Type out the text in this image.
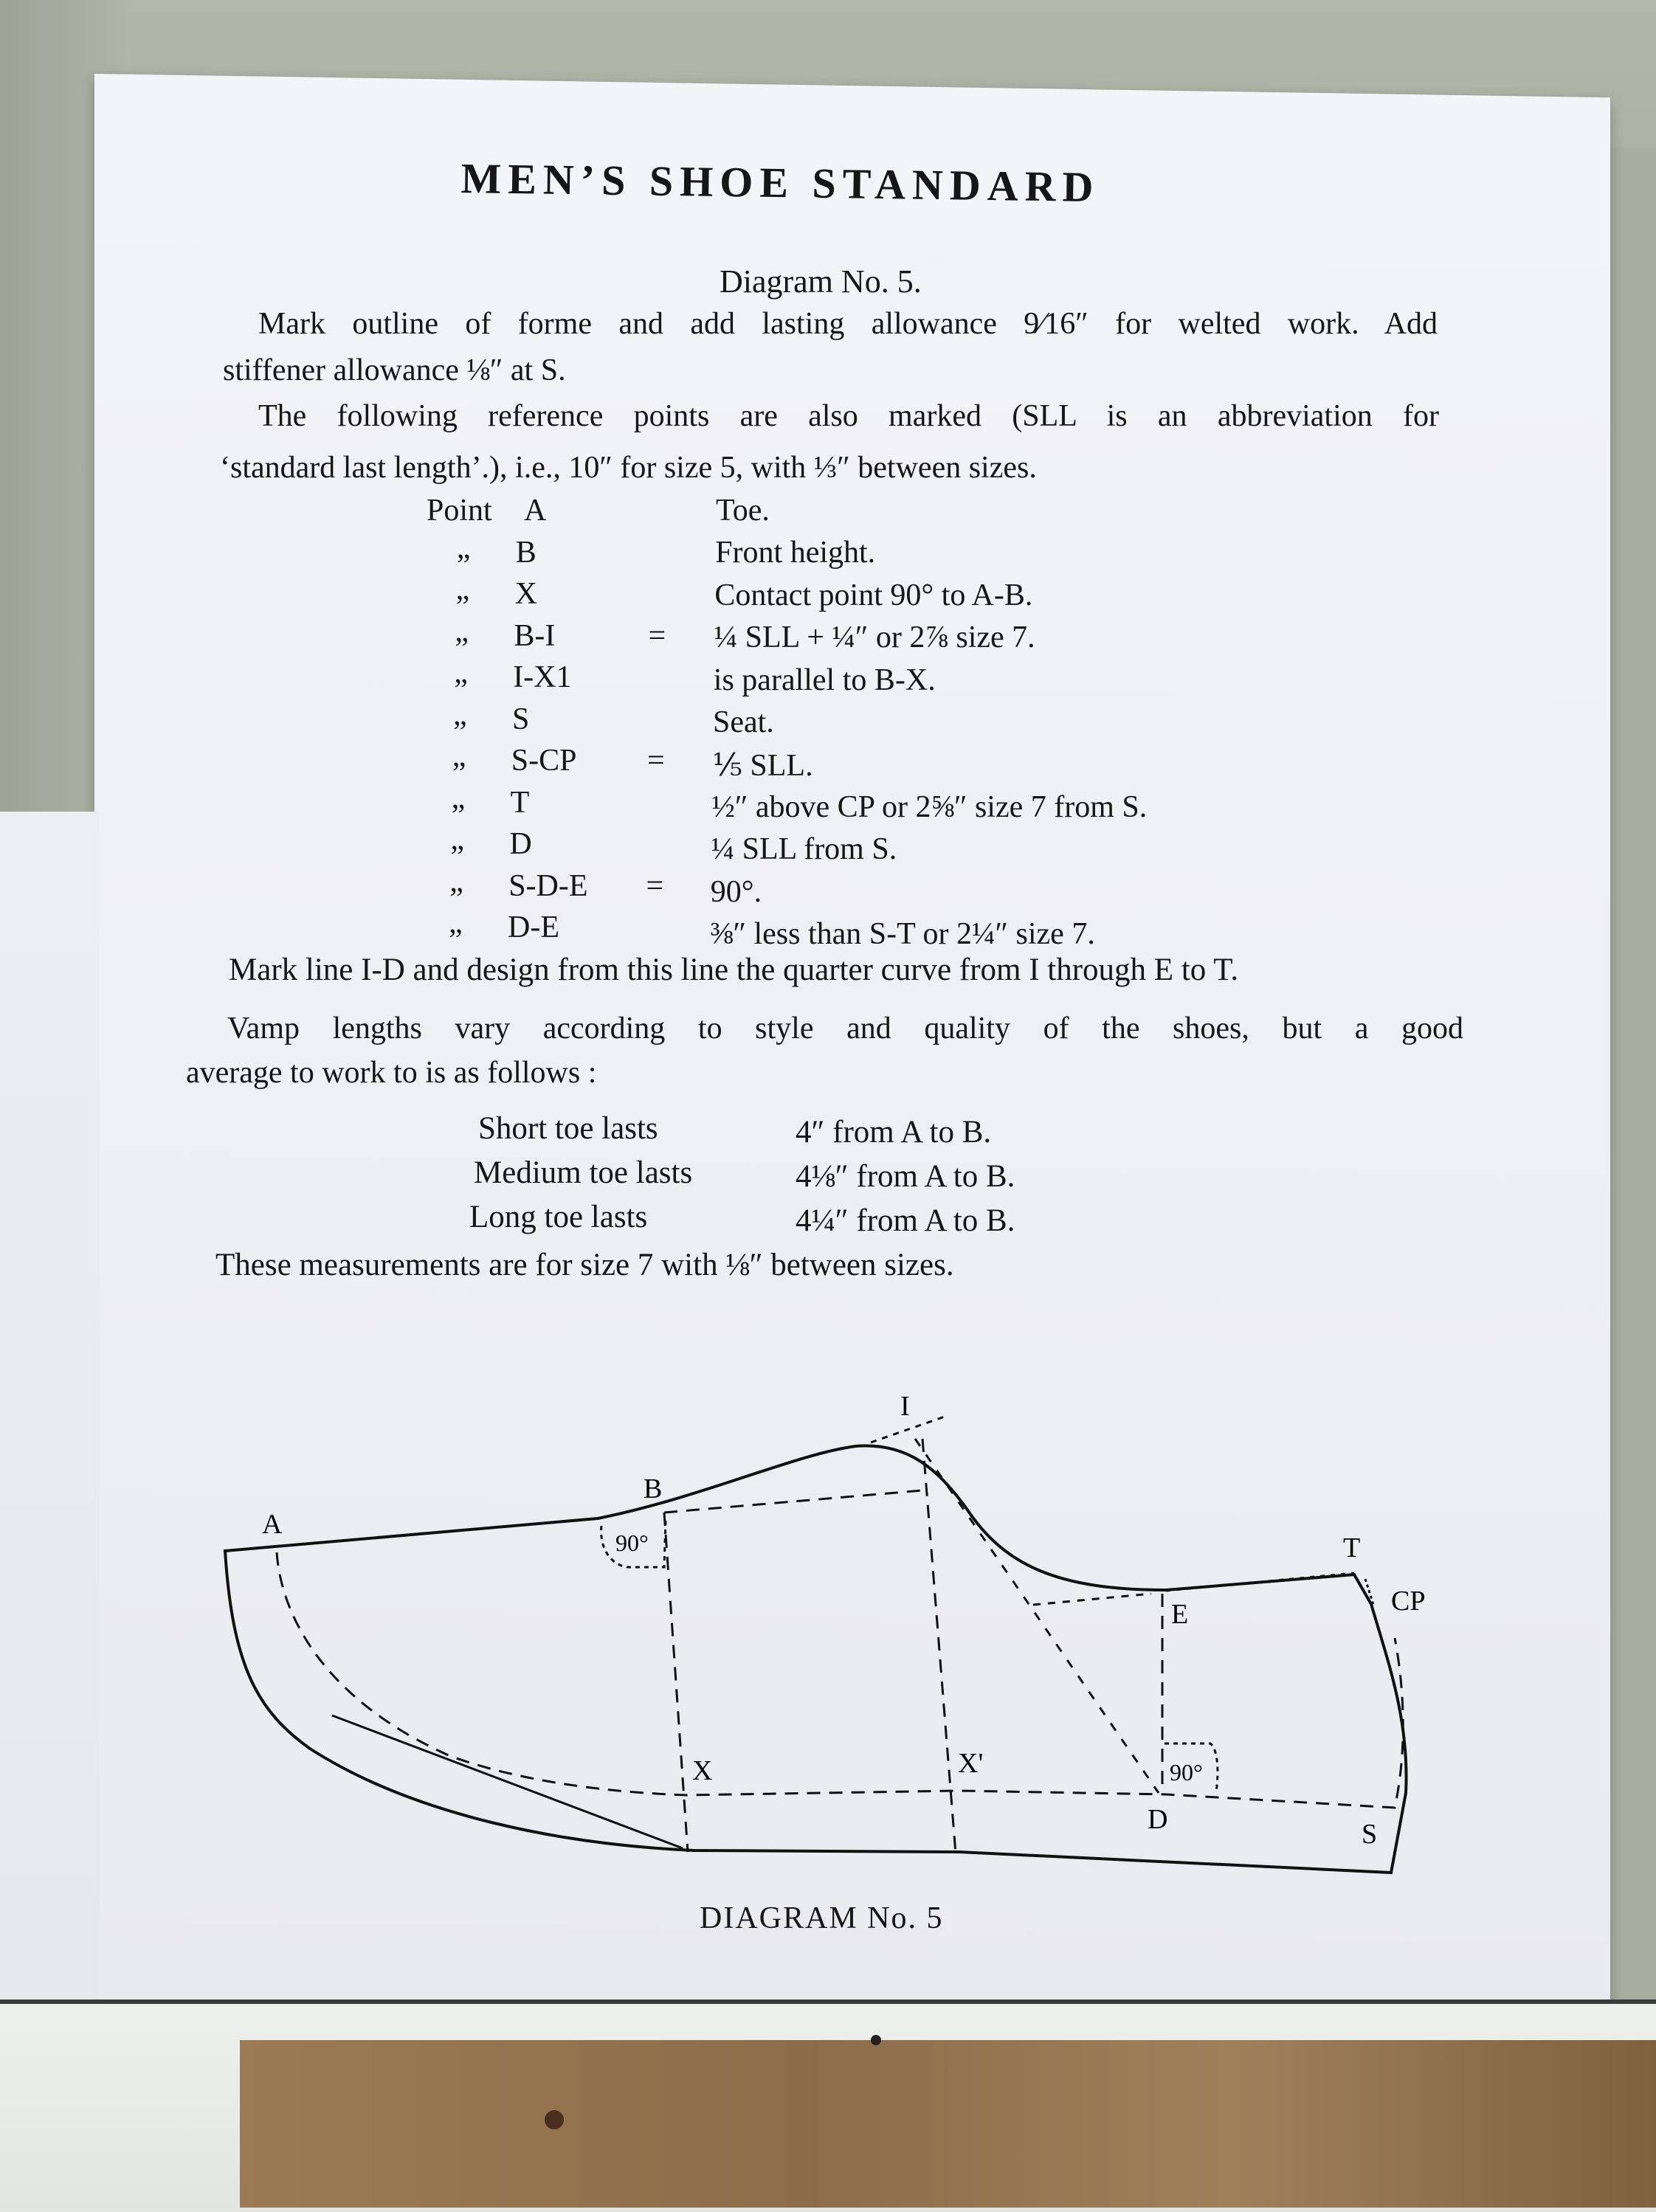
MEN’S SHOE STANDARD
Diagram No. 5.
Mark outline of forme and add lasting allowance 9⁄16″ for welted work. Add
stiffener allowance ⅛″ at S.
The following reference points are also marked (SLL is an abbreviation for
‘standard last length’.), i.e., 10″ for size 5, with ⅓″ between sizes.
Point A	Toe.
„ B	Front height.
„ X	Contact point 90° to A-B.
„ B-I	= ¼ SLL + ¼″ or 2⅞ size 7.
„ I-X1	is parallel to B-X.
„ S	Seat.
„ S-CP = ⅕ SLL.
„ T	½″ above CP or 2⅝″ size 7 from S.
„ D	¼ SLL from S.
„ S-D-E = 90°.
„ D-E	⅜″ less than S-T or 2¼″ size 7.
Mark line I-D and design from this line the quarter curve from I through E to T.
Vamp lengths vary according to style and quality of the shoes, but a good
average to work to is as follows :
Short toe lasts	4″ from A to B.
Medium toe lasts	4⅛″ from A to B.
Long toe lasts	4¼″ from A to B.
These measurements are for size 7 with ⅛″ between sizes.
A
B
I
T
CP
E
X	X'
D	S
90°
90°
DIAGRAM No. 5
